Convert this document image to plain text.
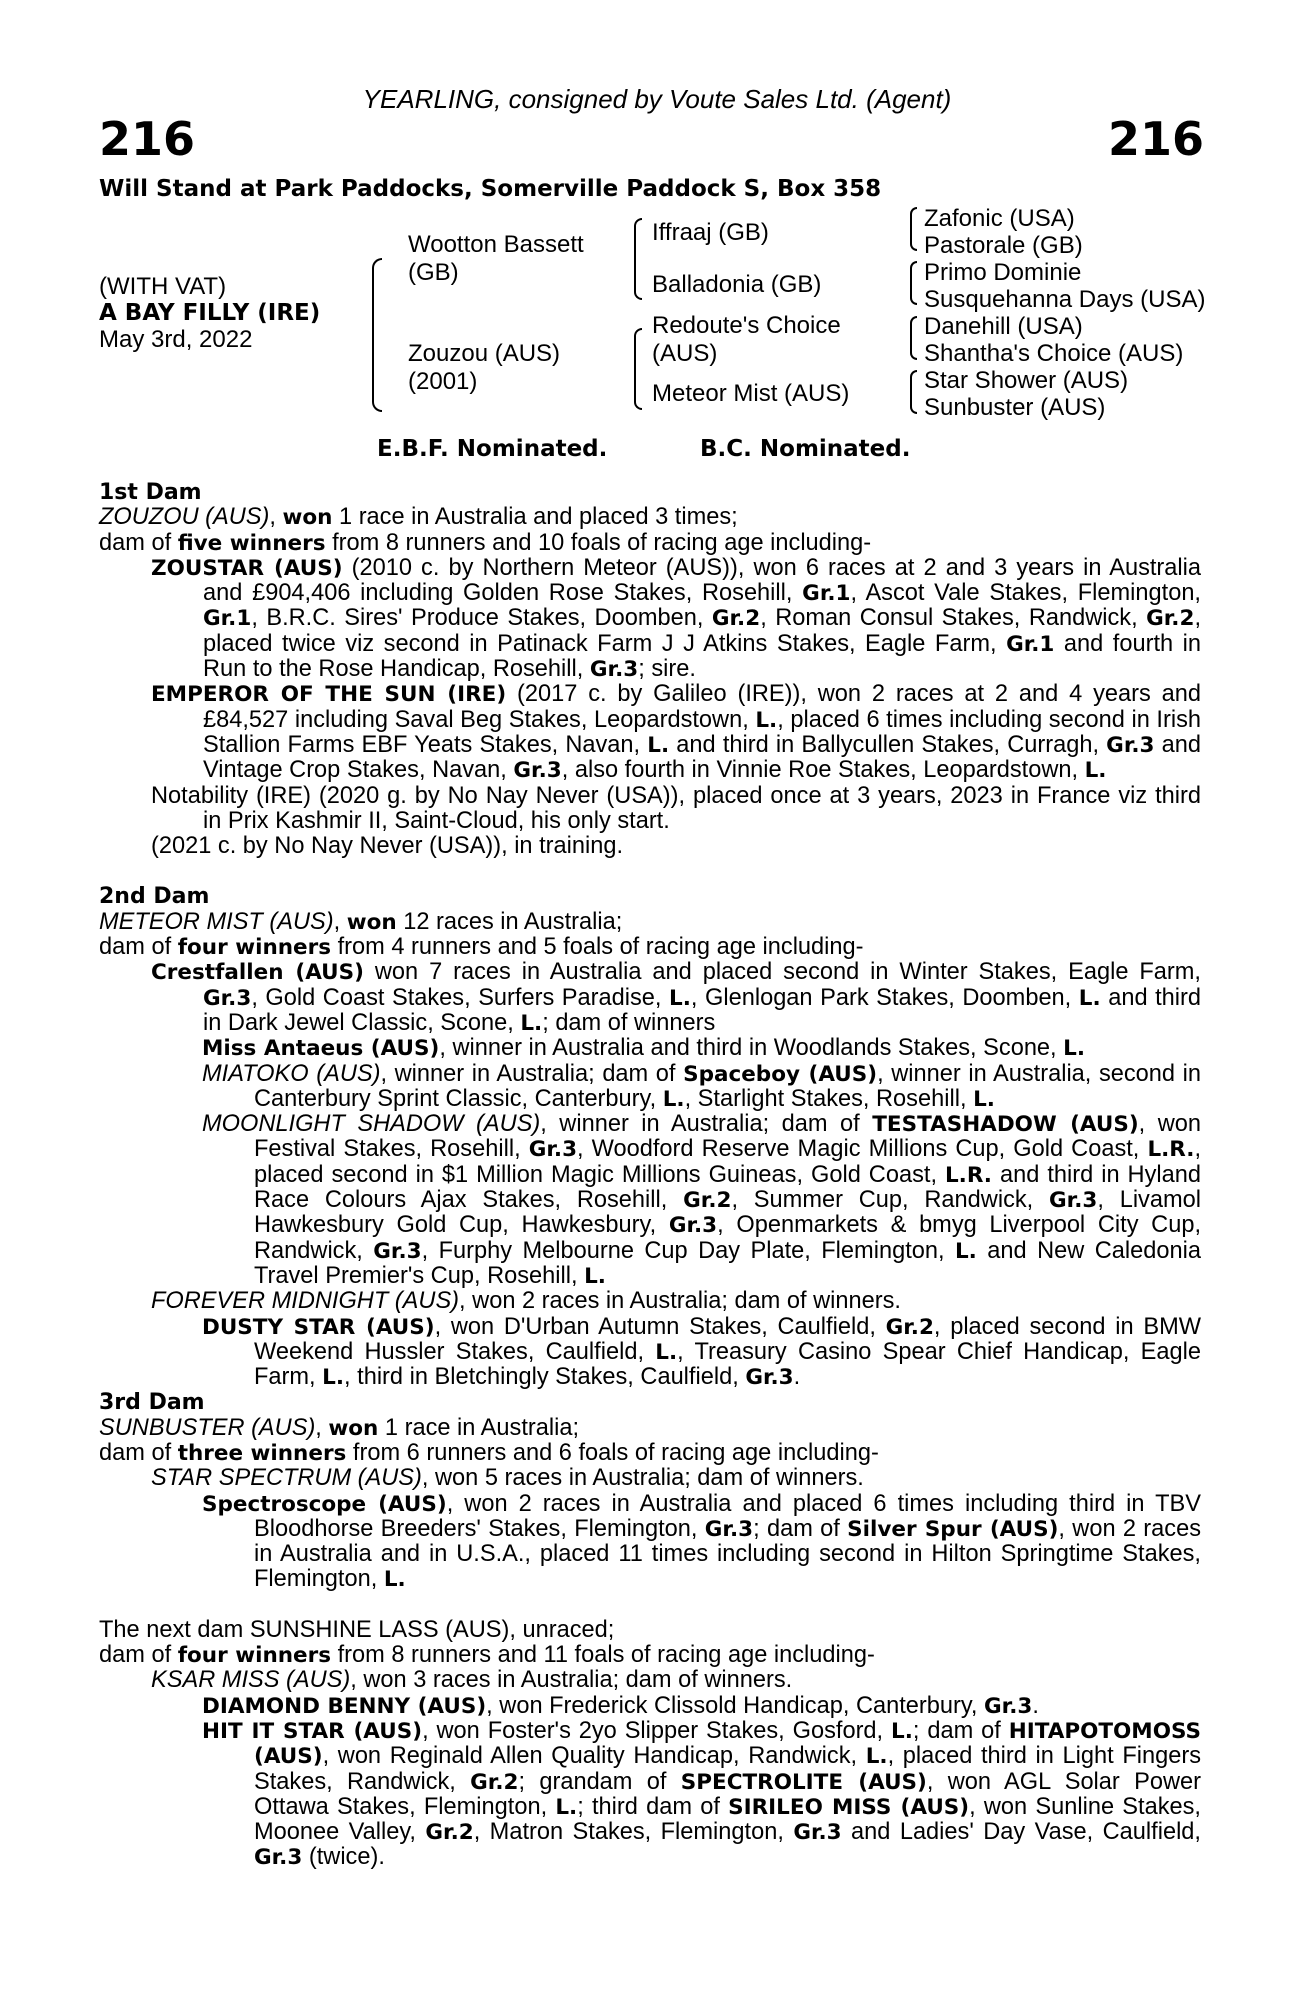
YEARLING, consigned by Voute Sales Ltd. (Agent)
216	216
Will Stand at Park Paddocks, Somerville Paddock S, Box 358
(WITH VAT)
A BAY FILLY (IRE)
May 3rd, 2022
Wootton Bassett
(GB)
Zouzou (AUS)
(2001)
Iffraaj (GB)
Balladonia (GB)
Redoute's Choice
(AUS)
Meteor Mist (AUS)
Zafonic (USA)
Pastorale (GB)
Primo Dominie
Susquehanna Days (USA)
Danehill (USA)
Shantha's Choice (AUS)
Star Shower (AUS)
Sunbuster (AUS)
E.B.F. Nominated.	B.C. Nominated.

1st Dam

ZOUZOU (AUS), won 1 race in Australia and placed 3 times;

dam of five winners from 8 runners and 10 foals of racing age including-

ZOUSTAR (AUS) (2010 c. by Northern Meteor (AUS)), won 6 races at 2 and 3 years in Australia and £904,406 including Golden Rose Stakes, Rosehill, Gr.1, Ascot Vale Stakes, Flemington, Gr.1, B.R.C. Sires' Produce Stakes, Doomben, Gr.2, Roman Consul Stakes, Randwick, Gr.2, placed twice viz second in Patinack Farm J J Atkins Stakes, Eagle Farm, Gr.1 and fourth in Run to the Rose Handicap, Rosehill, Gr.3; sire.

EMPEROR OF THE SUN (IRE) (2017 c. by Galileo (IRE)), won 2 races at 2 and 4 years and £84,527 including Saval Beg Stakes, Leopardstown, L., placed 6 times including second in Irish Stallion Farms EBF Yeats Stakes, Navan, L. and third in Ballycullen Stakes, Curragh, Gr.3 and Vintage Crop Stakes, Navan, Gr.3, also fourth in Vinnie Roe Stakes, Leopardstown, L.

Notability (IRE) (2020 g. by No Nay Never (USA)), placed once at 3 years, 2023 in France viz third in Prix Kashmir II, Saint-Cloud, his only start.

(2021 c. by No Nay Never (USA)), in training.

2nd Dam

METEOR MIST (AUS), won 12 races in Australia;

dam of four winners from 4 runners and 5 foals of racing age including-

Crestfallen (AUS) won 7 races in Australia and placed second in Winter Stakes, Eagle Farm, Gr.3, Gold Coast Stakes, Surfers Paradise, L., Glenlogan Park Stakes, Doomben, L. and third in Dark Jewel Classic, Scone, L.; dam of winners

Miss Antaeus (AUS), winner in Australia and third in Woodlands Stakes, Scone, L.

MIATOKO (AUS), winner in Australia; dam of Spaceboy (AUS), winner in Australia, second in Canterbury Sprint Classic, Canterbury, L., Starlight Stakes, Rosehill, L.

MOONLIGHT SHADOW (AUS), winner in Australia; dam of TESTASHADOW (AUS), won Festival Stakes, Rosehill, Gr.3, Woodford Reserve Magic Millions Cup, Gold Coast, L.R., placed second in $1 Million Magic Millions Guineas, Gold Coast, L.R. and third in Hyland Race Colours Ajax Stakes, Rosehill, Gr.2, Summer Cup, Randwick, Gr.3, Livamol Hawkesbury Gold Cup, Hawkesbury, Gr.3, Openmarkets & bmyg Liverpool City Cup, Randwick, Gr.3, Furphy Melbourne Cup Day Plate, Flemington, L. and New Caledonia Travel Premier's Cup, Rosehill, L.

FOREVER MIDNIGHT (AUS), won 2 races in Australia; dam of winners.

DUSTY STAR (AUS), won D'Urban Autumn Stakes, Caulfield, Gr.2, placed second in BMW Weekend Hussler Stakes, Caulfield, L., Treasury Casino Spear Chief Handicap, Eagle Farm, L., third in Bletchingly Stakes, Caulfield, Gr.3.

3rd Dam

SUNBUSTER (AUS), won 1 race in Australia;

dam of three winners from 6 runners and 6 foals of racing age including-

STAR SPECTRUM (AUS), won 5 races in Australia; dam of winners.

Spectroscope (AUS), won 2 races in Australia and placed 6 times including third in TBV Bloodhorse Breeders' Stakes, Flemington, Gr.3; dam of Silver Spur (AUS), won 2 races in Australia and in U.S.A., placed 11 times including second in Hilton Springtime Stakes, Flemington, L.

The next dam SUNSHINE LASS (AUS), unraced;

dam of four winners from 8 runners and 11 foals of racing age including-

KSAR MISS (AUS), won 3 races in Australia; dam of winners.

DIAMOND BENNY (AUS), won Frederick Clissold Handicap, Canterbury, Gr.3.

HIT IT STAR (AUS), won Foster's 2yo Slipper Stakes, Gosford, L.; dam of HITAPOTOMOSS (AUS), won Reginald Allen Quality Handicap, Randwick, L., placed third in Light Fingers Stakes, Randwick, Gr.2; grandam of SPECTROLITE (AUS), won AGL Solar Power Ottawa Stakes, Flemington, L.; third dam of SIRILEO MISS (AUS), won Sunline Stakes, Moonee Valley, Gr.2, Matron Stakes, Flemington, Gr.3 and Ladies' Day Vase, Caulfield, Gr.3 (twice).
